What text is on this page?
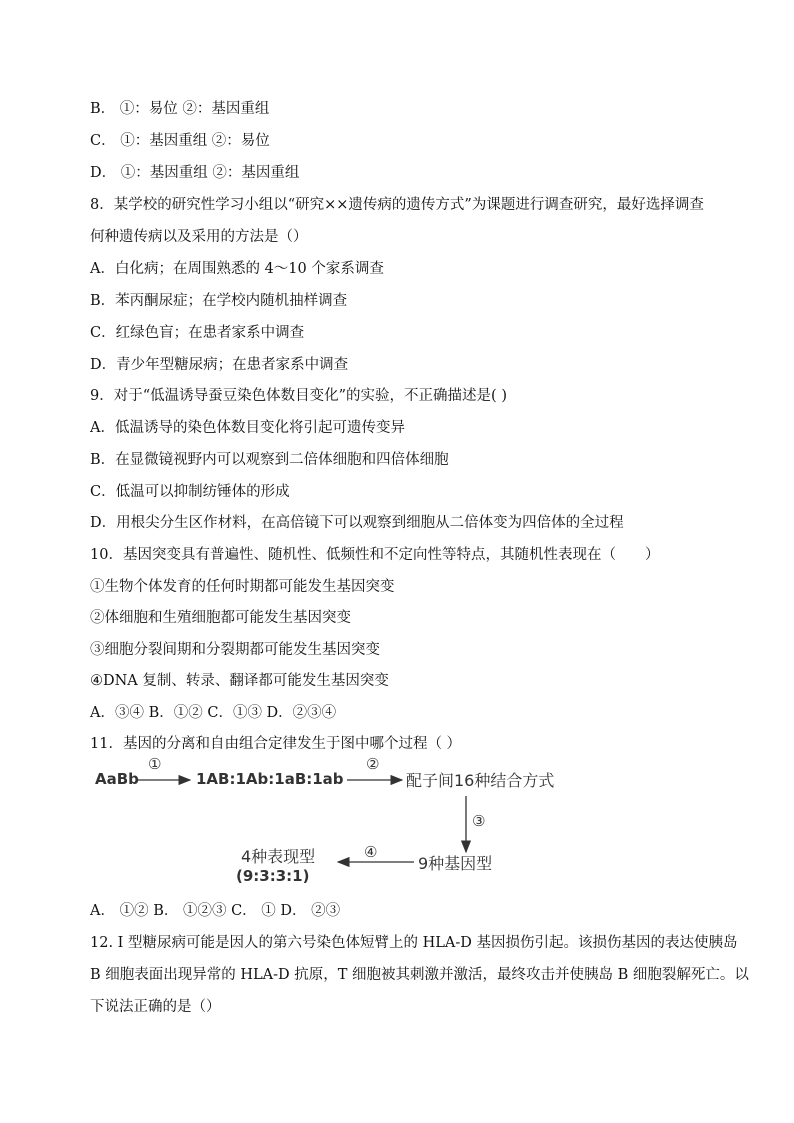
B． ①：易位 ②：基因重组
C． ①：基因重组 ②：易位
D． ①：基因重组 ②：基因重组
8．某学校的研究性学习小组以“研究××遗传病的遗传方式”为课题进行调查研究，最好选择调查
何种遗传病以及采用的方法是（）
A．白化病；在周围熟悉的 4～10 个家系调查
B．苯丙酮尿症；在学校内随机抽样调查
C．红绿色盲；在患者家系中调查
D．青少年型糖尿病；在患者家系中调查
9．对于“低温诱导蚕豆染色体数目变化”的实验，不正确描述是( )
A．低温诱导的染色体数目变化将引起可遗传变异
B．在显微镜视野内可以观察到二倍体细胞和四倍体细胞
C．低温可以抑制纺锤体的形成
D．用根尖分生区作材料，在高倍镜下可以观察到细胞从二倍体变为四倍体的全过程
10．基因突变具有普遍性、随机性、低频性和不定向性等特点，其随机性表现在（　　）
①生物个体发育的任何时期都可能发生基因突变
②体细胞和生殖细胞都可能发生基因突变
③细胞分裂间期和分裂期都可能发生基因突变
④DNA 复制、转录、翻译都可能发生基因突变
A．③④ B．①② C．①③ D．②③④
11．基因的分离和自由组合定律发生于图中哪个过程（ ）
AaBb
①
1AB:1Ab:1aB:1ab
②
配子间16种结合方式
③
9种基因型
④
4种表现型
(9:3:3:1)
A． ①② B． ①②③ C． ① D． ②③
12. I 型糖尿病可能是因人的第六号染色体短臂上的 HLA-D 基因损伤引起。该损伤基因的表达使胰岛
B 细胞表面出现异常的 HLA-D 抗原，T 细胞被其刺激并激活，最终攻击并使胰岛 B 细胞裂解死亡。以
下说法正确的是（）
